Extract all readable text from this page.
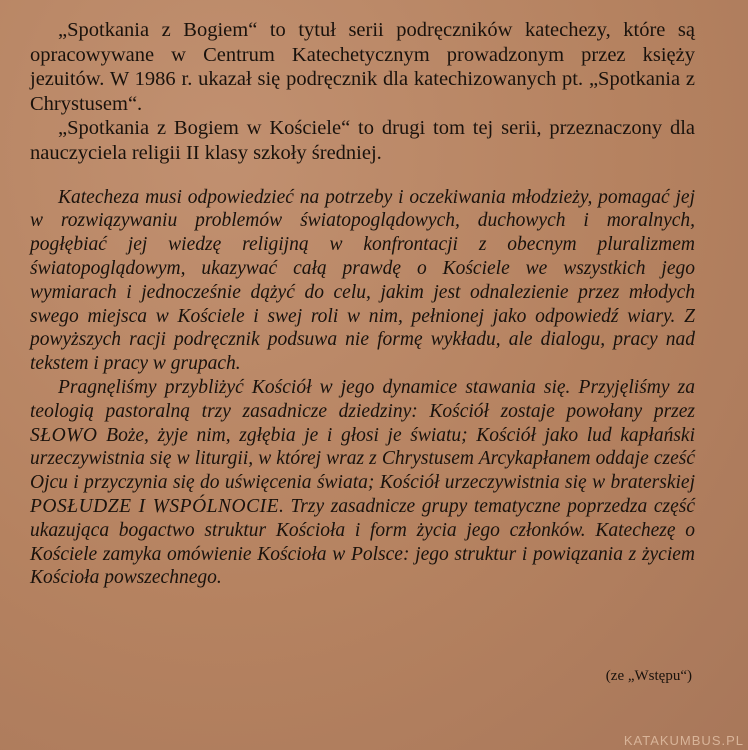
„Spotkania z Bogiem“ to tytuł serii podręczników katechezy, które są opracowywane w Centrum Katechetycznym prowadzonym przez księży jezuitów. W 1986 r. ukazał się podręcznik dla katechizowanych pt. „Spotkania z Chrystusem“.

„Spotkania z Bogiem w Kościele“ to drugi tom tej serii, przeznaczony dla nauczyciela religii II klasy szkoły średniej.

Katecheza musi odpowiedzieć na potrzeby i oczekiwania młodzieży, pomagać jej w rozwiązywaniu problemów światopoglądowych, duchowych i moralnych, pogłębiać jej wiedzę religijną w konfrontacji z obecnym pluralizmem światopoglądowym, ukazywać całą prawdę o Kościele we wszystkich jego wymiarach i jednocześnie dążyć do celu, jakim jest odnalezienie przez młodych swego miejsca w Kościele i swej roli w nim, pełnionej jako odpowiedź wiary. Z powyższych racji podręcznik podsuwa nie formę wykładu, ale dialogu, pracy nad tekstem i pracy w grupach.

Pragnęliśmy przybliżyć Kościół w jego dynamice stawania się. Przyjęliśmy za teologią pastoralną trzy zasadnicze dziedziny: Kościół zostaje powołany przez SŁOWO Boże, żyje nim, zgłębia je i głosi je światu; Kościół jako lud kapłański urzeczywistnia się w liturgii, w której wraz z Chrystusem Arcykapłanem oddaje cześć Ojcu i przyczynia się do uświęcenia świata; Kościół urzeczywistnia się w braterskiej POSŁUDZE I WSPÓLNOCIE. Trzy zasadnicze grupy tematyczne poprzedza część ukazująca bogactwo struktur Kościoła i form życia jego członków. Katechezę o Kościele zamyka omówienie Kościoła w Polsce: jego struktur i powiązania z życiem Kościoła powszechnego.

(ze „Wstępu“)
KATAKUMBUS.PL
